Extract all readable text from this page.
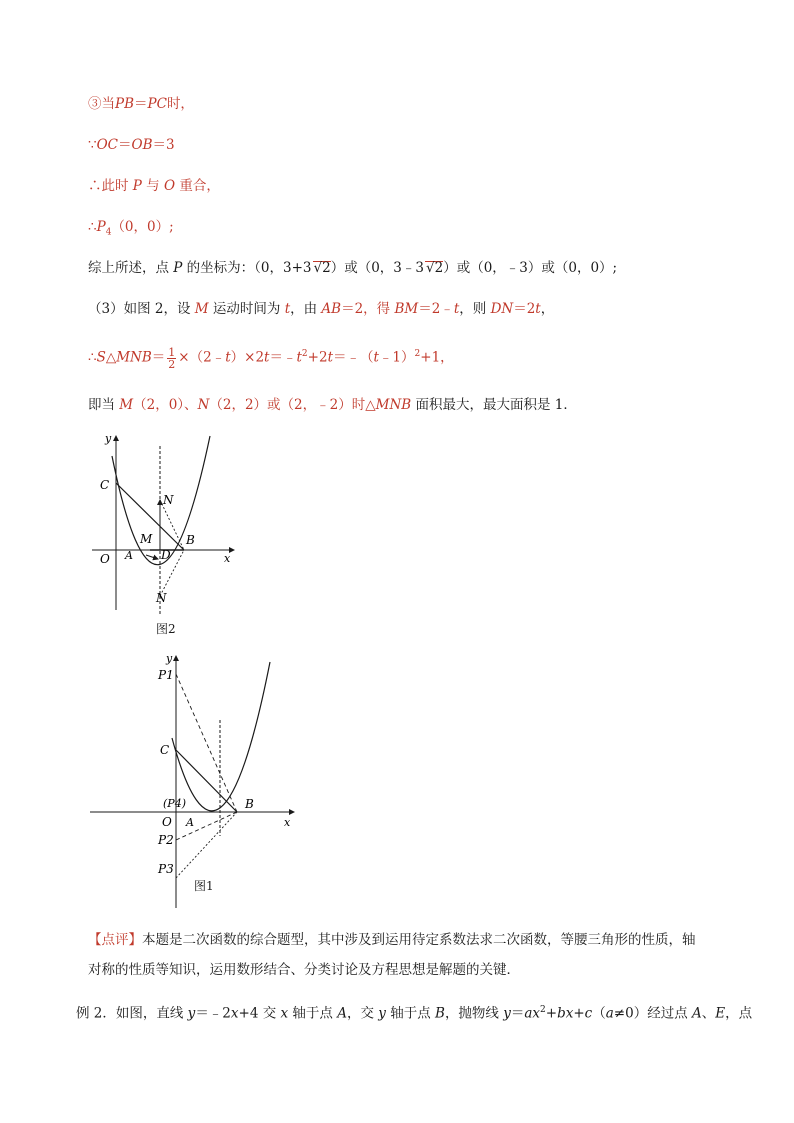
③当PB＝PC时，
∵OC＝OB＝3
∴此时 P 与 O 重合，
$\therefore P_4(0$，0）;
综上所述，点 P 的坐标为：（0，3+3 √2）或（0，3﹣3 √2）或（0，﹣3）或（0，0）;
（3）如图 2，设 M 运动时间为 t，由 AB＝2，得 BM＝2﹣t，则 DN＝2t，
∴S△MNB＝ $\frac{1}{2}$ $\times(2﹣t)\times 2t=﹣t^2+2t=﹣(t﹣1)^2+1$，
即当 M（2，0）、N（2，2）或（2，﹣2）时△MNB 面积最大，最大面积是 1．
y
x
O
C
N
M
A D
B
N
图2
y
x
P1
C
(P4)
O A
B
P2
P3
图1
【点评】本题是二次函数的综合题型，其中涉及到运用待定系数法求二次函数，等腰三角形的性质，轴
对称的性质等知识，运用数形结合、分类讨论及方程思想是解题的关键．
例 2．如图，直线 y＝﹣2x+4 交 x 轴于点 A，交 y 轴于点 B，抛物线 $y=ax^2+bx+c(a\ne 0)$经过点 A、E，点
